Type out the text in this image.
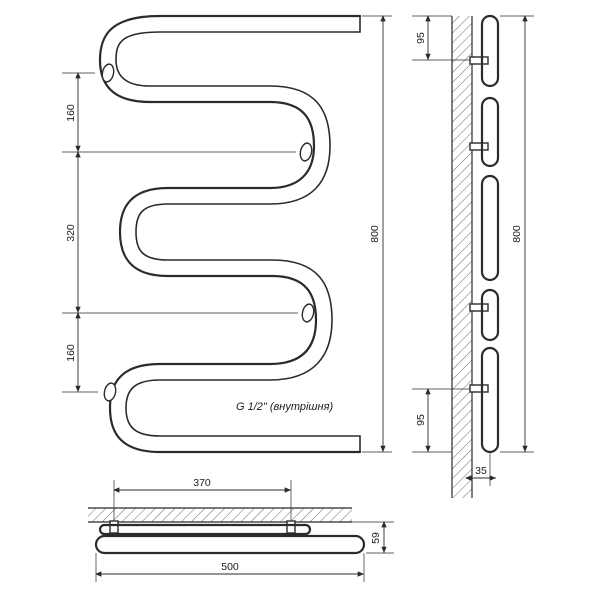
G 1/2" (внутрішня)
160
320
160
800
95
95
800
35
370
59
500
